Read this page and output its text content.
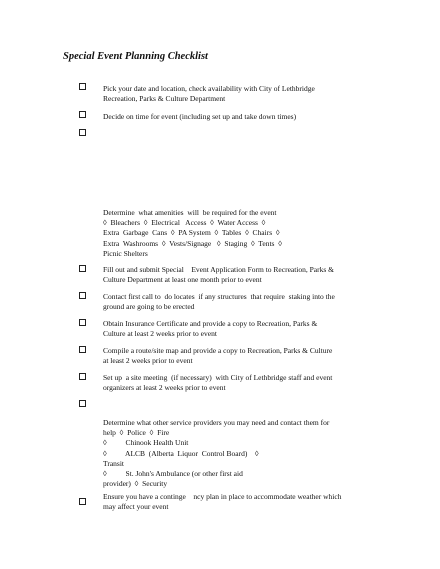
Special Event Planning Checklist
Pick your date and location, check availability with City of Lethbridge
Recreation, Parks & Culture Department
Decide on time for event (including set up and take down times)
Determine  what amenities  will  be required for the event
◊  Bleachers  ◊  Electrical   Access  ◊  Water Access  ◊
Extra  Garbage  Cans  ◊  PA System  ◊  Tables  ◊  Chairs  ◊
Extra  Washrooms  ◊  Vests/Signage   ◊  Staging  ◊  Tents  ◊
Picnic Shelters
Fill out and submit Special    Event Application Form to Recreation, Parks &
Culture Department at least one month prior to event
Contact first call to  do locates  if any structures  that require  staking into the
ground are going to be erected
Obtain Insurance Certificate and provide a copy to Recreation, Parks &
Culture at least 2 weeks prior to event
Compile a route/site map and provide a copy to Recreation, Parks & Culture
at least 2 weeks prior to event
Set up  a site meeting  (if necessary)  with City of Lethbridge staff and event
organizers at least 2 weeks prior to event
Determine what other service providers you may need and contact them for
help  ◊  Police  ◊  Fire
◊          Chinook Health Unit
◊          ALCB  (Alberta  Liquor  Control Board)    ◊
Transit
◊          St. John's Ambulance (or other first aid
provider)  ◊  Security
Ensure you have a continge    ncy plan in place to accommodate weather which
may affect your event
